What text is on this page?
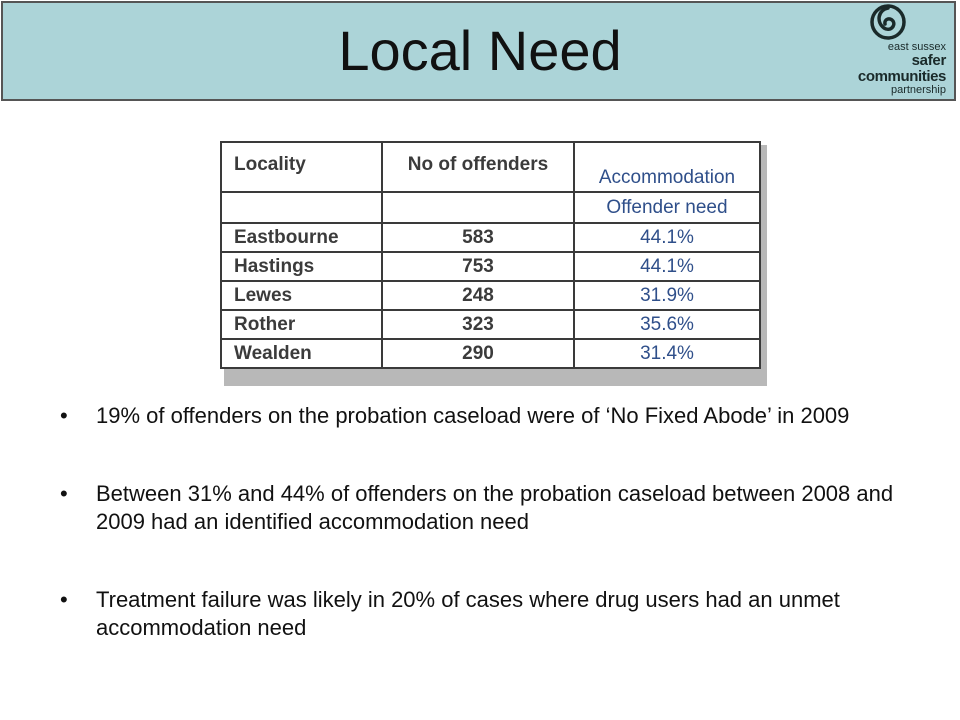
Local Need	east sussex
safer
communities
partnership
Locality	No of offenders	Accommodation
		Offender need
Eastbourne	583	44.1%
Hastings	753	44.1%
Lewes	248	31.9%
Rother	323	35.6%
Wealden	290	31.4%
• 19% of offenders on the probation caseload were of ‘No Fixed Abode’ in 2009
• Between 31% and 44% of offenders on the probation caseload between 2008 and 2009 had an identified accommodation need
• Treatment failure was likely in 20% of cases where drug users had an unmet accommodation need
